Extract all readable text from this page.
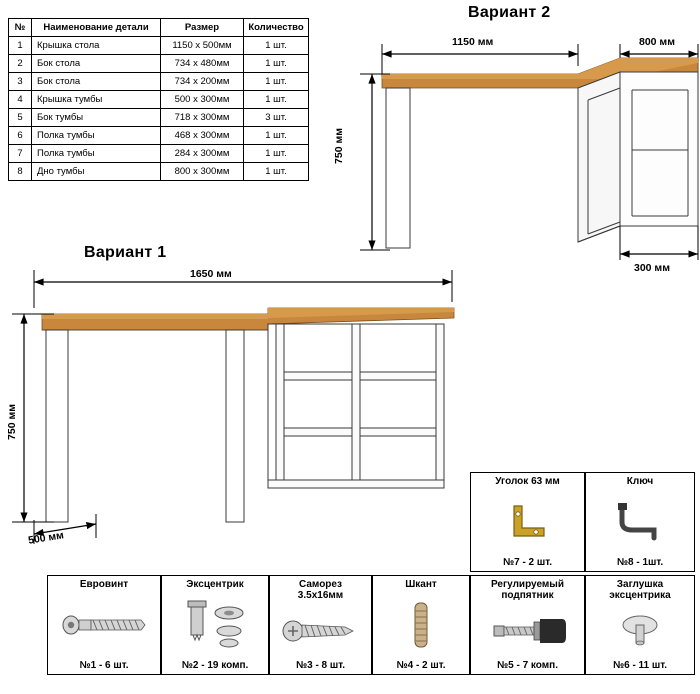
№	Наименование детали	Размер	Количество
1	Крышка стола	1150 x 500мм	1 шт.
2	Бок стола	734 x 480мм	1 шт.
3	Бок стола	734 x 200мм	1 шт.
4	Крышка тумбы	500 x 300мм	1 шт.
5	Бок тумбы	718 x 300мм	3 шт.
6	Полка тумбы	468 x 300мм	1 шт.
7	Полка тумбы	284 x 300мм	1 шт.
8	Дно тумбы	800 x 300мм	1 шт.
Вариант 2
1150 мм	800 мм
750 мм
300 мм
Вариант 1
1650 мм
750 мм
500 мм
Уголок 63 мм
№7 - 2 шт.
Ключ
№8 - 1шт.
Евровинт
№1 - 6 шт.
Эксцентрик
№2 - 19 комп.
Саморез
3.5х16мм
№3 - 8 шт.
Шкант
№4 - 2 шт.
Регулируемый
подпятник
№5 - 7 комп.
Заглушка
эксцентрика
№6 - 11 шт.
